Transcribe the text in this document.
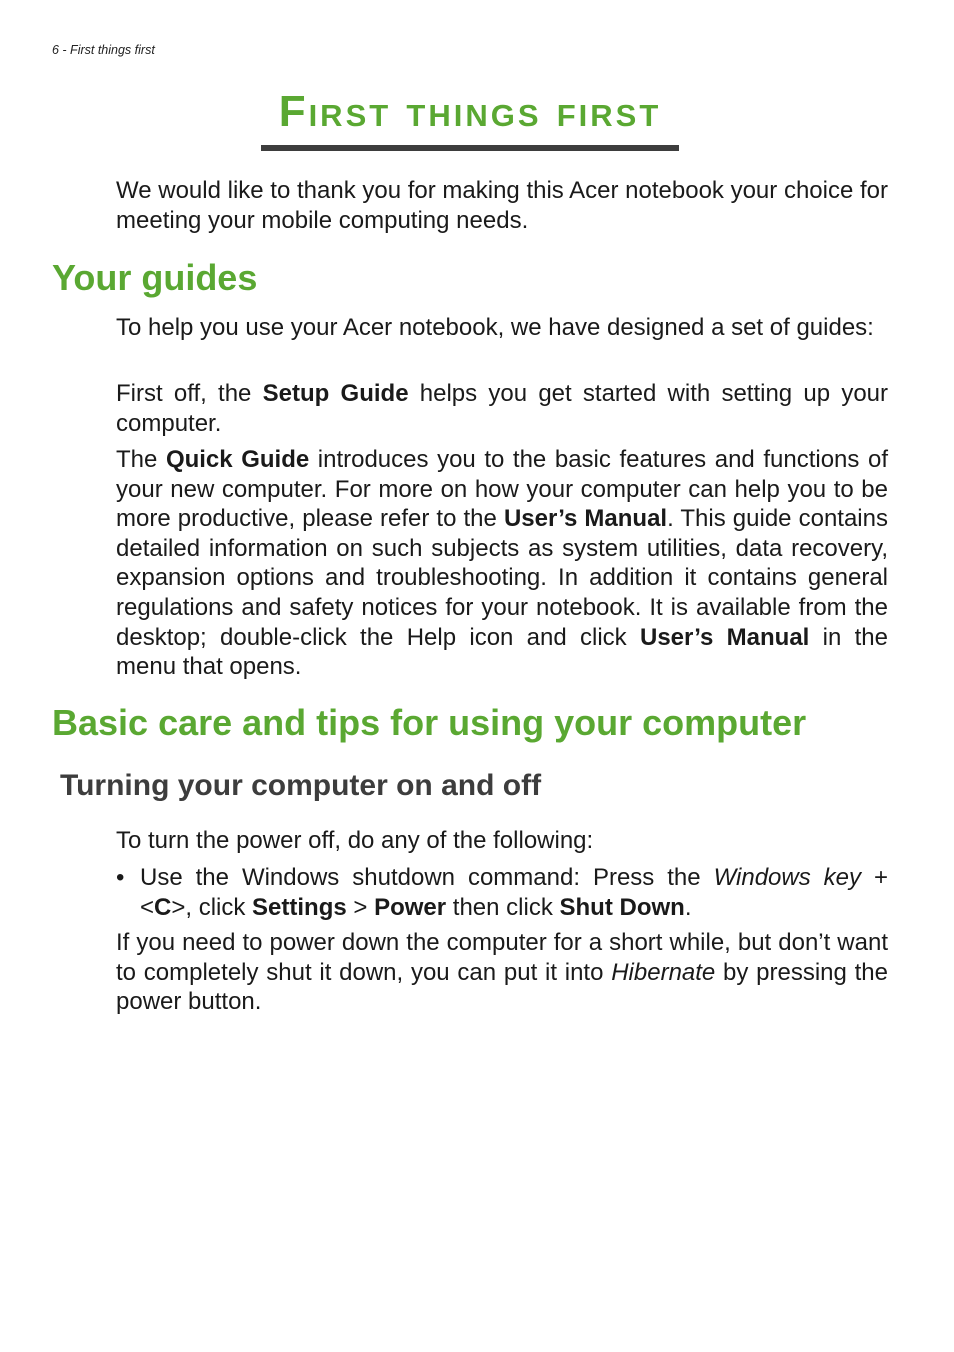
6 - First things first
First things first
We would like to thank you for making this Acer notebook your choice for meeting your mobile computing needs.
Your guides
To help you use your Acer notebook, we have designed a set of guides:
First off, the Setup Guide helps you get started with setting up your computer.
The Quick Guide introduces you to the basic features and functions of your new computer. For more on how your computer can help you to be more productive, please refer to the User’s Manual. This guide contains detailed information on such subjects as system utilities, data recovery, expansion options and troubleshooting. In addition it contains general regulations and safety notices for your notebook. It is available from the desktop; double-click the Help icon and click User’s Manual in the menu that opens.
Basic care and tips for using your computer
Turning your computer on and off
To turn the power off, do any of the following:
• Use the Windows shutdown command: Press the Windows key + <C>, click Settings > Power then click Shut Down.
If you need to power down the computer for a short while, but don’t want to completely shut it down, you can put it into Hibernate by pressing the power button.
